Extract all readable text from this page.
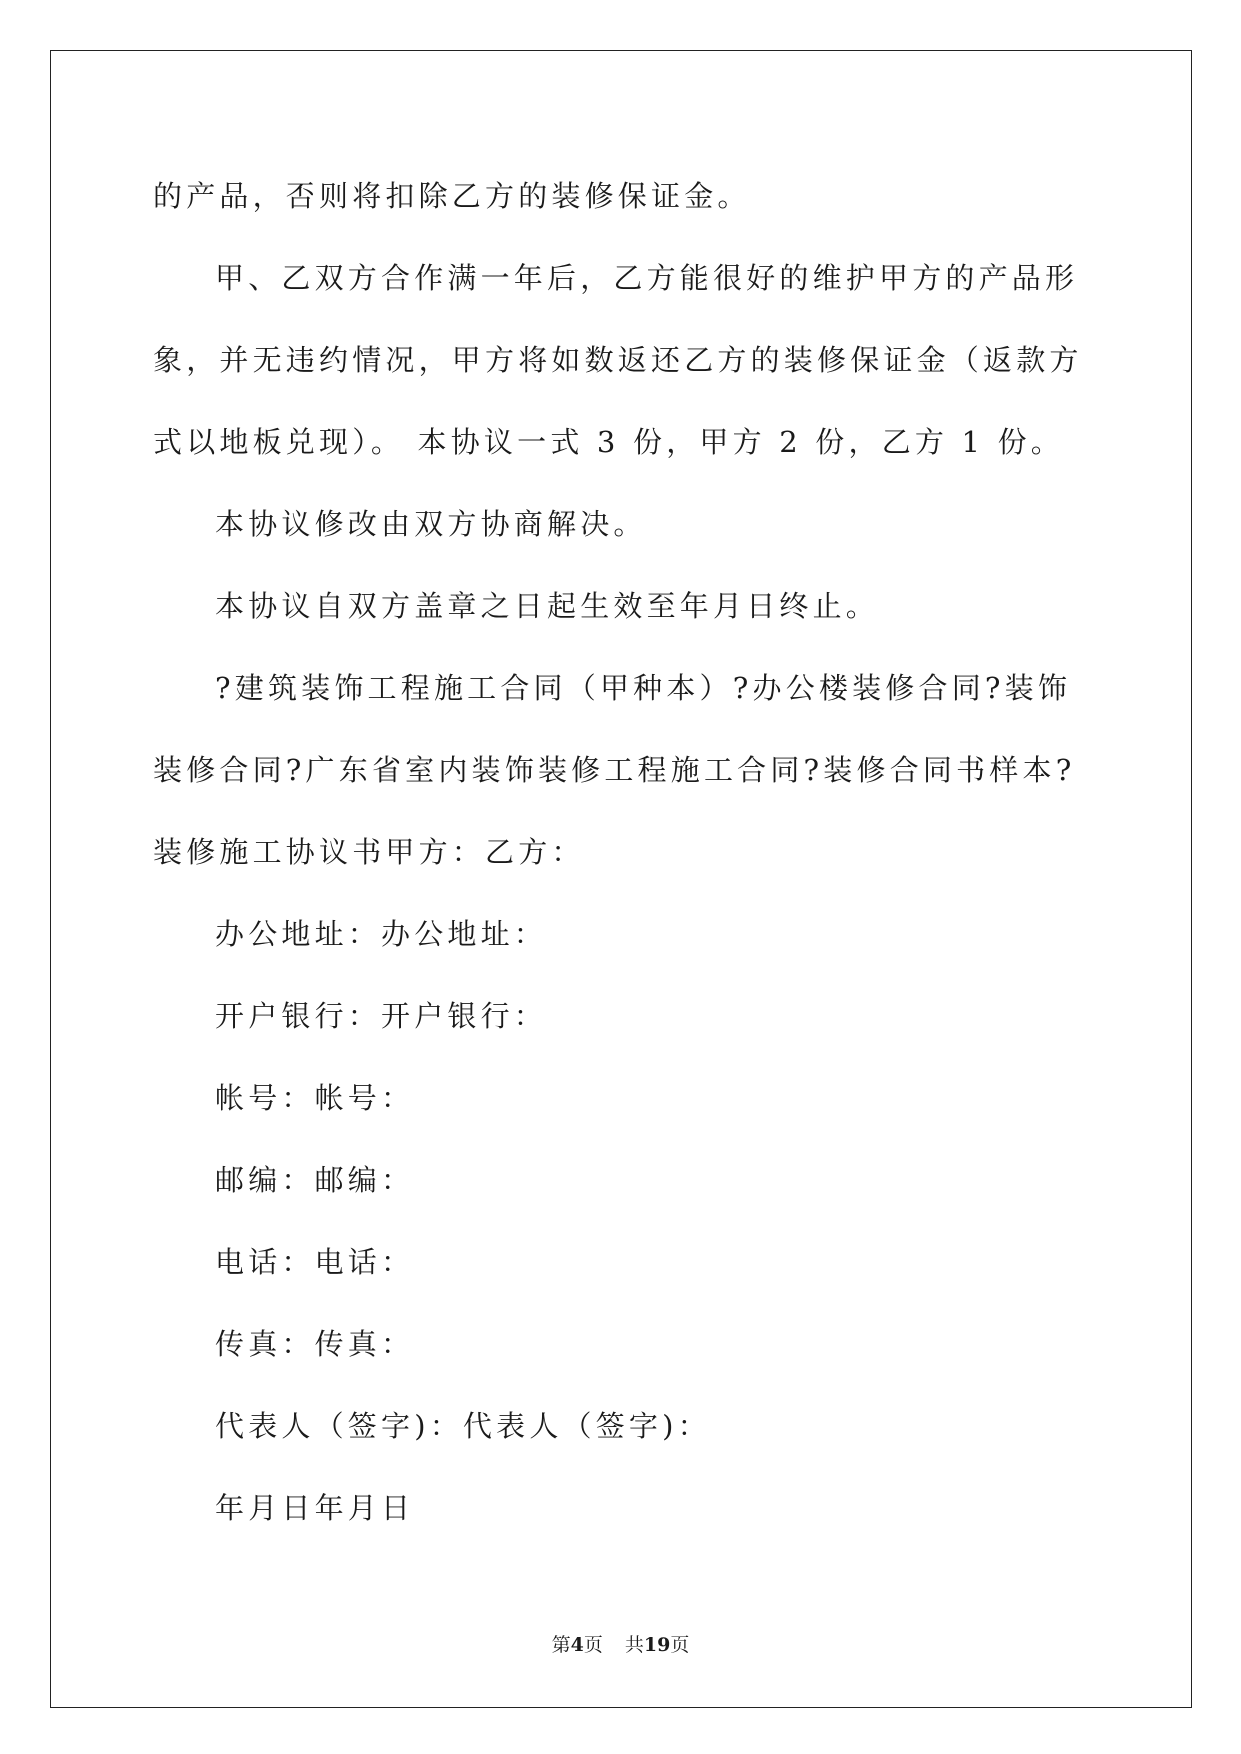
的产品，否则将扣除乙方的装修保证金。

甲、乙双方合作满一年后，乙方能很好的维护甲方的产品形象，并无违约情况，甲方将如数返还乙方的装修保证金（返款方式以地板兑现）。 本协议一式 3 份，甲方 2 份，乙方 1 份。

本协议修改由双方协商解决。

本协议自双方盖章之日起生效至年月日终止。

?建筑装饰工程施工合同（甲种本）?办公楼装修合同?装饰装修合同?广东省室内装饰装修工程施工合同?装修合同书样本?装修施工协议书甲方：乙方：

办公地址：办公地址：

开户银行：开户银行：

帐号：帐号：

邮编：邮编：

电话：电话：

传真：传真：

代表人（签字)：代表人（签字)：

年月日年月日

第4页 共19页
